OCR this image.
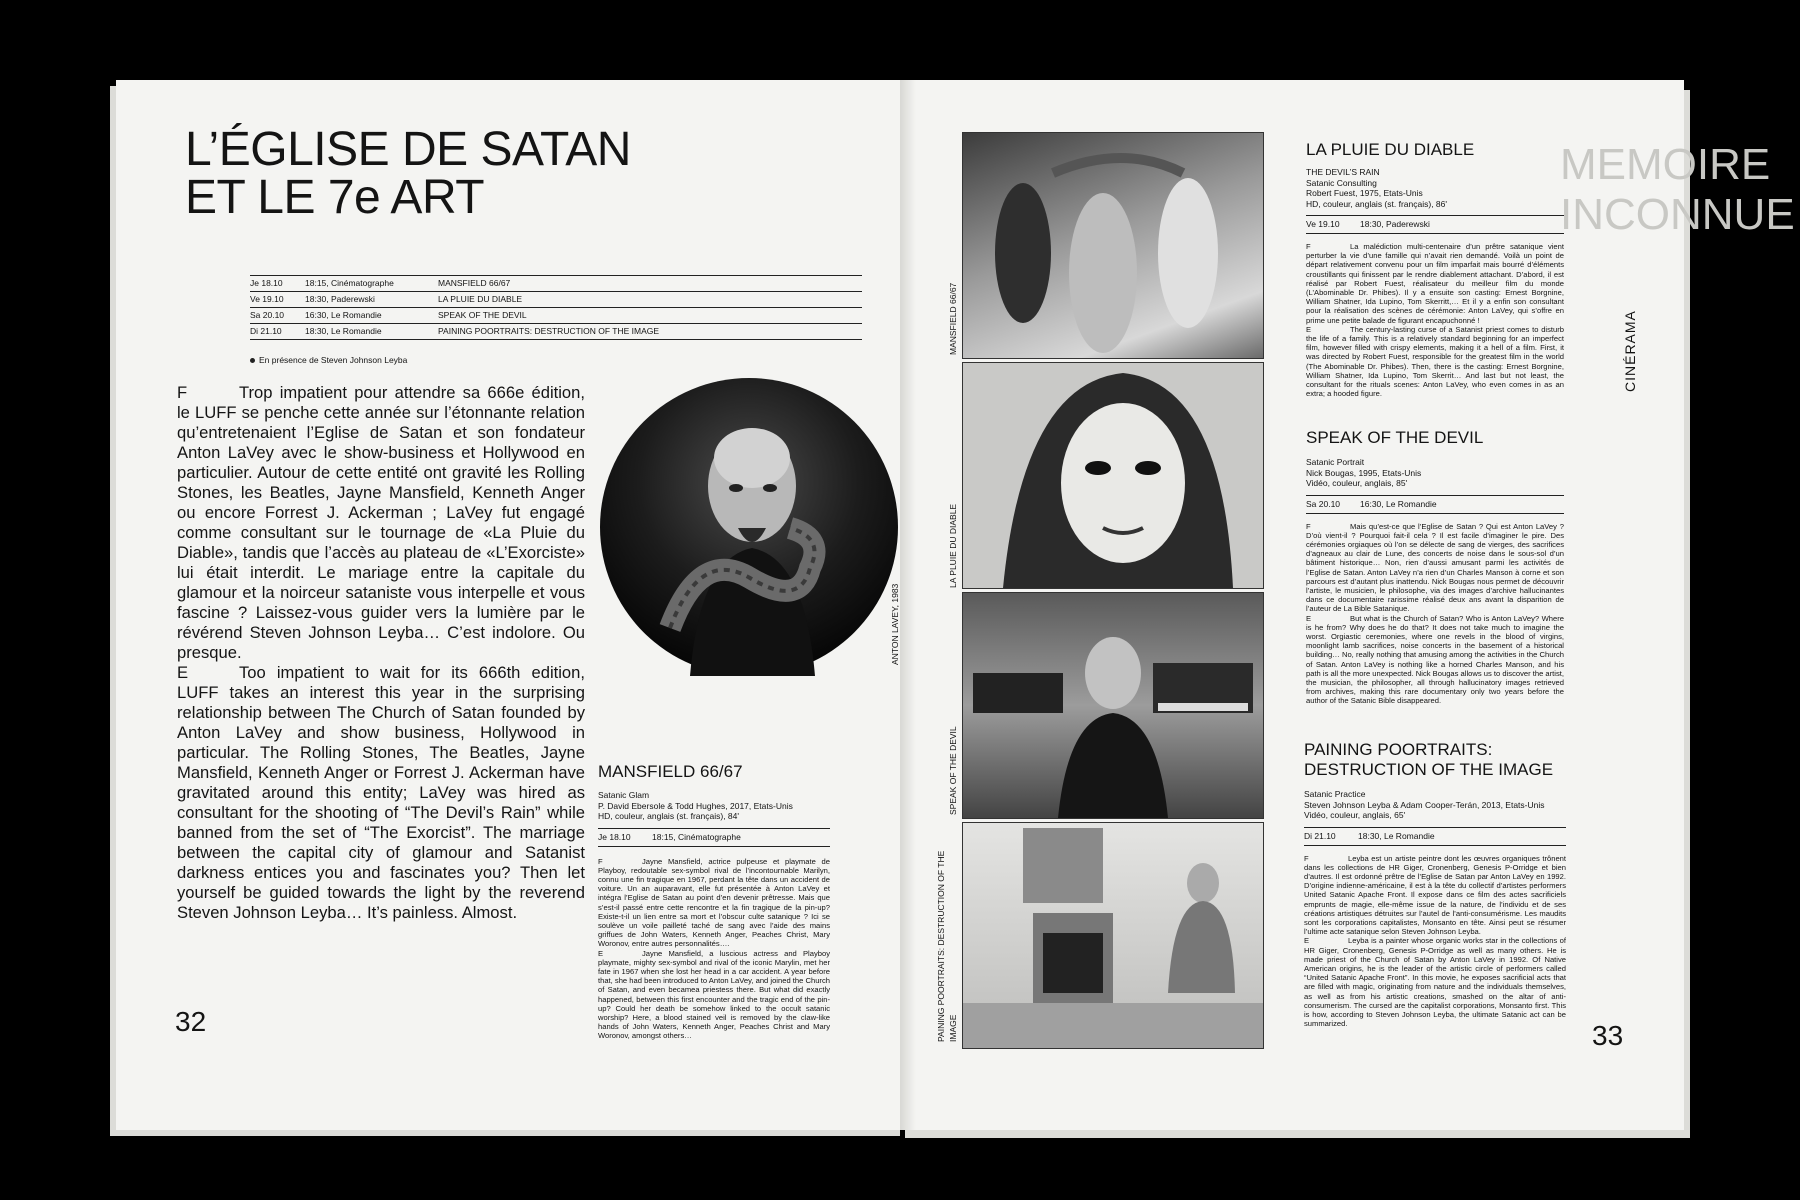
L’ÉGLISE DE SATAN

ET LE 7e ART

Je 18.10	18:15, Cinématographe	MANSFIELD 66/67
Ve 19.10	18:30, Paderewski	LA PLUIE DU DIABLE
Sa 20.10	16:30, Le Romandie	SPEAK OF THE DEVIL
Di 21.10	18:30, Le Romandie	PAINING POORTRAITS: DESTRUCTION OF THE IMAGE
En présence de Steven Johnson Leyba

F	Trop impatient pour attendre sa 666e édition, le LUFF se penche cette année sur l’étonnante relation qu’entretenaient l’Eglise de Satan et son fondateur Anton LaVey avec le show-business et Hollywood en particulier. Autour de cette entité ont gravité les Rolling Stones, les Beatles, Jayne Mansfield, Kenneth Anger ou encore Forrest J. Ackerman ; LaVey fut engagé comme consultant sur le tournage de «La Pluie du Diable», tandis que l’accès au plateau de «L’Exorciste» lui était interdit. Le mariage entre la capitale du glamour et la noirceur sataniste vous interpelle et vous fascine ? Laissez-vous guider vers la lumière par le révérend Steven Johnson Leyba… C’est indolore. Ou presque.

E	Too impatient to wait for its 666th edition, LUFF takes an interest this year in the surprising relationship between The Church of Satan founded by Anton LaVey and show business, Hollywood in particular. The Rolling Stones, The Beatles, Jayne Mansfield, Kenneth Anger or Forrest J. Ackerman have gravitated around this entity; LaVey was hired as consultant for the shooting of “The Devil’s Rain” while banned from the set of “The Exorcist”. The marriage between the capital city of glamour and Satanist darkness entices you and fascinates you? Then let yourself be guided towards the light by the reverend Steven Johnson Leyba… It’s painless. Almost.

ANTON LAVEY, 1983

MANSFIELD 66/67

Satanic Glam

P. David Ebersole & Todd Hughes, 2017, Etats-Unis

HD, couleur, anglais (st. français), 84'

Je 18.10	18:15, Cinématographe

F	Jayne Mansfield, actrice pulpeuse et playmate de Playboy, redoutable sex-symbol rival de l’incontournable Marilyn, connu une fin tragique en 1967, perdant la tête dans un accident de voiture. Un an auparavant, elle fut présentée à Anton LaVey et intégra l’Eglise de Satan au point d’en devenir prêtresse. Mais que s’est-il passé entre cette rencontre et la fin tragique de la pin-up? Existe-t-il un lien entre sa mort et l’obscur culte satanique ? Ici se soulève un voile pailleté taché de sang avec l’aide des mains griffues de John Waters, Kenneth Anger, Peaches Christ, Mary Woronov, entre autres personnalités….

E	Jayne Mansfield, a luscious actress and Playboy playmate, mighty sex-symbol and rival of the iconic Marylin, met her fate in 1967 when she lost her head in a car accident. A year before that, she had been introduced to Anton LaVey, and joined the Church of Satan, and even becamea priestess there. But what did exactly happened, between this first encounter and the tragic end of the pin-up? Could her death be somehow linked to the occult satanic worship? Here, a blood stained veil is removed by the claw-like hands of John Waters, Kenneth Anger, Peaches Christ and Mary Woronov, amongst others…

32
MEMOIRE INCONNUE
MANSFIELD 66/67
LA PLUIE DU DIABLE
SPEAK OF THE DEVIL
PAINING POORTRAITS: DESTRUCTION OF THE IMAGE

LA PLUIE DU DIABLE

THE DEVIL’S RAIN

Satanic Consulting

Robert Fuest, 1975, Etats-Unis

HD, couleur, anglais (st. français), 86'

Ve 19.10 18:30, Paderewski

F	La malédiction multi-centenaire d’un prêtre satanique vient perturber la vie d’une famille qui n’avait rien demandé. Voilà un point de départ relativement convenu pour un film imparfait mais bourré d’éléments croustillants qui finissent par le rendre diablement attachant. D’abord, il est réalisé par Robert Fuest, réalisateur du meilleur film du monde (L’Abominable Dr. Phibes). Il y a ensuite son casting: Ernest Borgnine, William Shatner, Ida Lupino, Tom Skerritt,… Et il y a enfin son consultant pour la réalisation des scènes de cérémonie: Anton LaVey, qui s’offre en prime une petite balade de figurant encapuchonné !

E	The century-lasting curse of a Satanist priest comes to disturb the life of a family. This is a relatively standard beginning for an imperfect film, however filled with crispy elements, making it a hell of a film. First, it was directed by Robert Fuest, responsible for the greatest film in the world (The Abominable Dr. Phibes). Then, there is the casting: Ernest Borgnine, William Shatner, Ida Lupino, Tom Skerrit… And last but not least, the consultant for the rituals scenes: Anton LaVey, who even comes in as an extra; a hooded figure.

SPEAK OF THE DEVIL

Satanic Portrait

Nick Bougas, 1995, Etats-Unis

Vidéo, couleur, anglais, 85'

Sa 20.10 16:30, Le Romandie

F	Mais qu’est-ce que l’Eglise de Satan ? Qui est Anton LaVey ? D’où vient-il ? Pourquoi fait-il cela ? Il est facile d’imaginer le pire. Des cérémonies orgiaques où l’on se délecte de sang de vierges, des sacrifices d’agneaux au clair de Lune, des concerts de noise dans le sous-sol d’un bâtiment historique… Non, rien d’aussi amusant parmi les activités de l’Eglise de Satan. Anton LaVey n’a rien d’un Charles Manson à corne et son parcours est d’autant plus inattendu. Nick Bougas nous permet de découvrir l’artiste, le musicien, le philosophe, via des images d’archive hallucinantes dans ce documentaire rarissime réalisé deux ans avant la disparition de l’auteur de La Bible Satanique.

E	But what is the Church of Satan? Who is Anton LaVey? Where is he from? Why does he do that? It does not take much to imagine the worst. Orgiastic ceremonies, where one revels in the blood of virgins, moonlight lamb sacrifices, noise concerts in the basement of a historical building… No, really nothing that amusing among the activities in the Church of Satan. Anton LaVey is nothing like a horned Charles Manson, and his path is all the more unexpected. Nick Bougas allows us to discover the artist, the musician, the philosopher, all through hallucinatory images retrieved from archives, making this rare documentary only two years before the author of the Satanic Bible disappeared.

PAINING POORTRAITS:

DESTRUCTION OF THE IMAGE

Satanic Practice

Steven Johnson Leyba & Adam Cooper-Terán, 2013, Etats-Unis

Vidéo, couleur, anglais, 65'

Di 21.10	18:30, Le Romandie

F	Leyba est un artiste peintre dont les œuvres organiques trônent dans les collections de HR Giger, Cronenberg, Genesis P-Orridge et bien d’autres. Il est ordonné prêtre de l’Eglise de Satan par Anton LaVey en 1992. D’origine indienne-américaine, il est à la tête du collectif d’artistes performers United Satanic Apache Front. Il expose dans ce film des actes sacrificiels emprunts de magie, elle-même issue de la nature, de l’individu et de ses créations artistiques détruites sur l’autel de l’anti-consumérisme. Les maudits sont les corporations capitalistes, Monsanto en tête. Ainsi peut se résumer l’ultime acte satanique selon Steven Johnson Leyba.

E	Leyba is a painter whose organic works star in the collections of HR Giger, Cronenberg, Genesis P-Orridge as well as many others. He is made priest of the Church of Satan by Anton LaVey in 1992. Of Native American origins, he is the leader of the artistic circle of performers called “United Satanic Apache Front”. In this movie, he exposes sacrificial acts that are filled with magic, originating from nature and the individuals themselves, as well as from his artistic creations, smashed on the altar of anti-consumerism. The cursed are the capitalist corporations, Monsanto first. This is how, according to Steven Johnson Leyba, the ultimate Satanic act can be summarized.

CINÉRAMA
33
